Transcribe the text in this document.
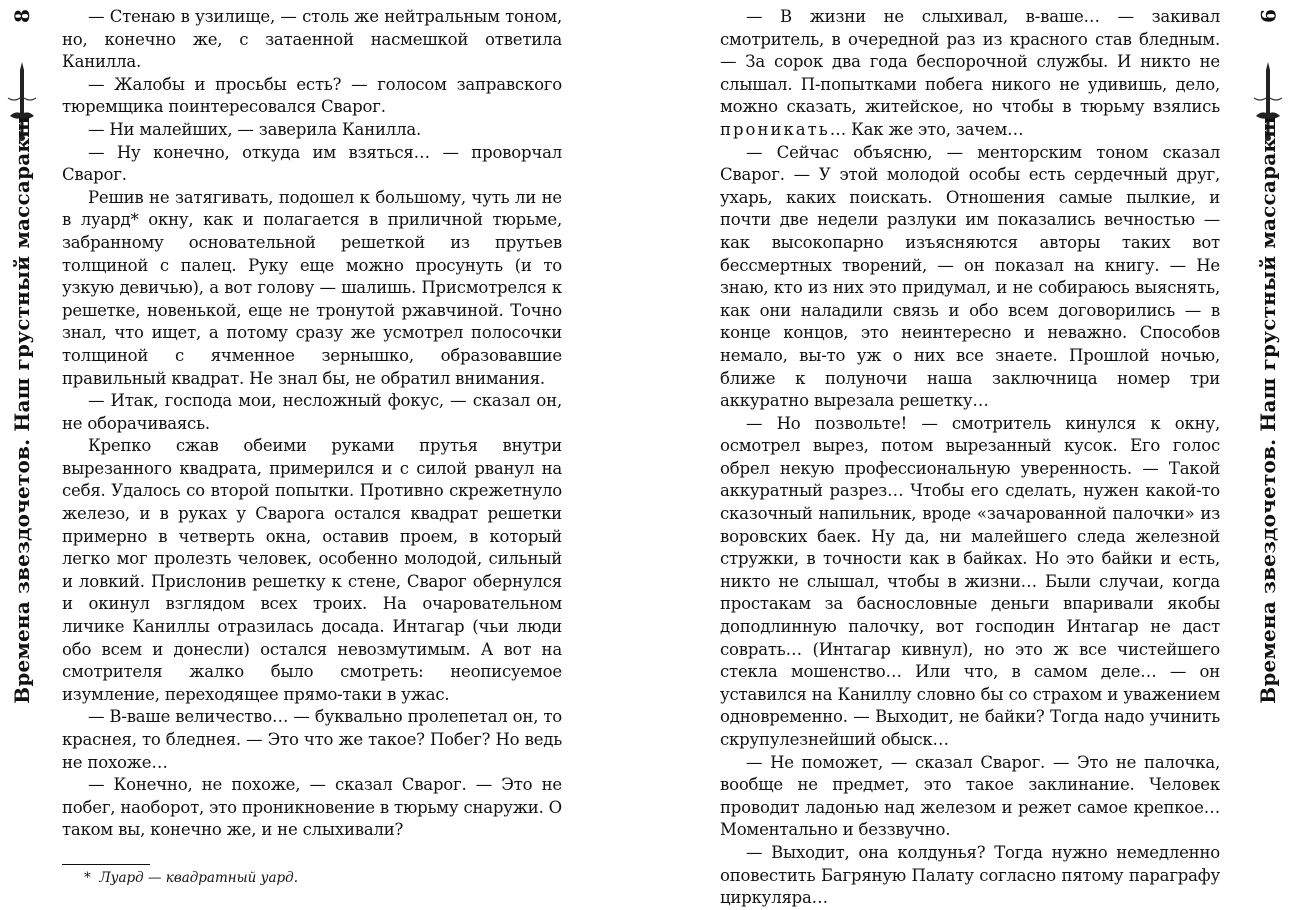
8
Времена звездочетов. Наш грустный массаракш

— Стенаю в узилище, — столь же нейтральным тоном, но, конечно же, с затаенной насмешкой ответила Канилла.

— Жалобы и просьбы есть? — голосом заправского тюремщика поинтересовался Сварог.

— Ни малейших, — заверила Канилла.

— Ну конечно, откуда им взяться… — проворчал Сварог.

Решив не затягивать, подошел к большому, чуть ли не в луард* окну, как и полагается в приличной тюрьме, забранному основательной решеткой из прутьев толщиной с палец. Руку еще можно просунуть (и то узкую девичью), а вот голову — шалишь. Присмотрелся к решетке, новенькой, еще не тронутой ржавчиной. Точно знал, что ищет, а потому сразу же усмотрел полосочки толщиной с ячменное зернышко, образовавшие правильный квадрат. Не знал бы, не обратил внимания.

— Итак, господа мои, несложный фокус, — сказал он, не оборачиваясь.

Крепко сжав обеими руками прутья внутри вырезанного квадрата, примерился и с силой рванул на себя. Удалось со второй попытки. Противно скрежетнуло железо, и в руках у Сварога остался квадрат решетки примерно в четверть окна, оставив проем, в который легко мог пролезть человек, особенно молодой, сильный и ловкий. Прислонив решетку к стене, Сварог обернулся и окинул взглядом всех троих. На очаровательном личике Каниллы отразилась досада. Интагар (чьи люди обо всем и донесли) остался невозмутимым. А вот на смотрителя жалко было смотреть: неописуемое изумление, переходящее прямо-таки в ужас.

— В-ваше величество… — буквально пролепетал он, то краснея, то бледнея. — Это что же такое? Побег? Но ведь не похоже…

— Конечно, не похоже, — сказал Сварог. — Это не побег, наоборот, это проникновение в тюрьму снаружи. О таком вы, конечно же, и не слыхивали?

* Луард — квадратный уард.

— В жизни не слыхивал, в-ваше… — закивал смотритель, в очередной раз из красного став бледным. — За сорок два года беспорочной службы. И никто не слышал. П-попытками побега никого не удивишь, дело, можно сказать, житейское, но чтобы в тюрьму взялись проникать… Как же это, зачем…

— Сейчас объясню, — менторским тоном сказал Сварог. — У этой молодой особы есть сердечный друг, ухарь, каких поискать. Отношения самые пылкие, и почти две недели разлуки им показались вечностью — как высокопарно изъясняются авторы таких вот бессмертных творений, — он показал на книгу. — Не знаю, кто из них это придумал, и не собираюсь выяснять, как они наладили связь и обо всем договорились — в конце концов, это неинтересно и неважно. Способов немало, вы-то уж о них все знаете. Прошлой ночью, ближе к полуночи наша заключница номер три аккуратно вырезала решетку…

— Но позвольте! — смотритель кинулся к окну, осмотрел вырез, потом вырезанный кусок. Его голос обрел некую профессиональную уверенность. — Такой аккуратный разрез… Чтобы его сделать, нужен какой-то сказочный напильник, вроде «зачарованной палочки» из воровских баек. Ну да, ни малейшего следа железной стружки, в точности как в байках. Но это байки и есть, никто не слышал, чтобы в жизни… Были случаи, когда простакам за баснословные деньги впаривали якобы доподлинную палочку, вот господин Интагар не даст соврать… (Интагар кивнул), но это ж все чистейшего стекла мошенство… Или что, в самом деле… — он уставился на Каниллу словно бы со страхом и уважением одновременно. — Выходит, не байки? Тогда надо учинить скрупулезнейший обыск…

— Не поможет, — сказал Сварог. — Это не палочка, вообще не предмет, это такое заклинание. Человек проводит ладонью над железом и режет самое крепкое… Моментально и беззвучно.

— Выходит, она колдунья? Тогда нужно немедленно оповестить Багряную Палату согласно пятому параграфу циркуляра…

9
Времена звездочетов. Наш грустный массаракш
